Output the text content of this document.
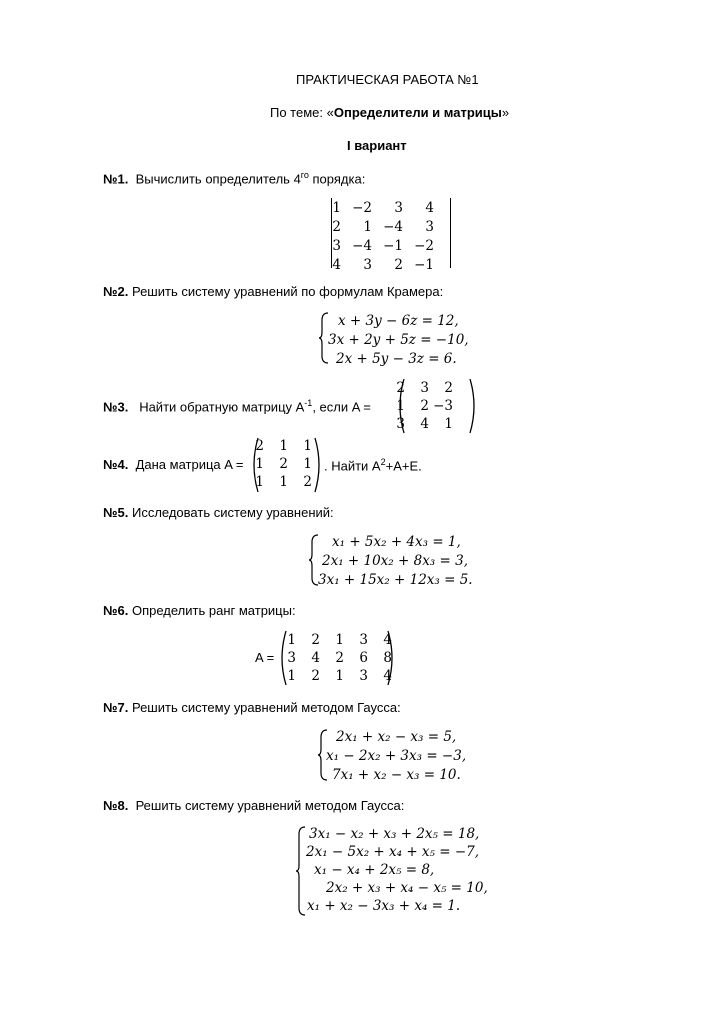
ПРАКТИЧЕСКАЯ РАБОТА №1
По теме: «Определители и матрицы»
I вариант
№1. Вычислить определитель $4^{го}$ порядка:
1 −2	3	4
2	1 −4	3
3 −4 −1 −2
4	3	2 −1
№2. Решить систему уравнений по формулам Крамера:
x + 3y − 6z = 12,
3x + 2y + 5z = −10,
2x + 5y − 3z = 6.
№3. Найти обратную матрицу $A^{-1}$, если A =
2	3	2
1	2 −3
3	4	1
№4. Дана матрица A =
2	1	1
1	2	1
1	1	2
. Найти $A^2+A+E$.
№5. Исследовать систему уравнений:
x₁ + 5x₂ + 4x₃ = 1,
2x₁ + 10x₂ + 8x₃ = 3,
3x₁ + 15x₂ + 12x₃ = 5.
№6. Определить ранг матрицы:
A =
1	2	1	3	4
3	4	2	6	8
1	2	1	3	4
№7. Решить систему уравнений методом Гаусса:
2x₁ + x₂ − x₃ = 5,
x₁ − 2x₂ + 3x₃ = −3,
7x₁ + x₂ − x₃ = 10.
№8. Решить систему уравнений методом Гаусса:
3x₁ − x₂ + x₃ + 2x₅ = 18,
2x₁ − 5x₂ + x₄ + x₅ = −7,
x₁ − x₄ + 2x₅ = 8,
2x₂ + x₃ + x₄ − x₅ = 10,
x₁ + x₂ − 3x₃ + x₄ = 1.
